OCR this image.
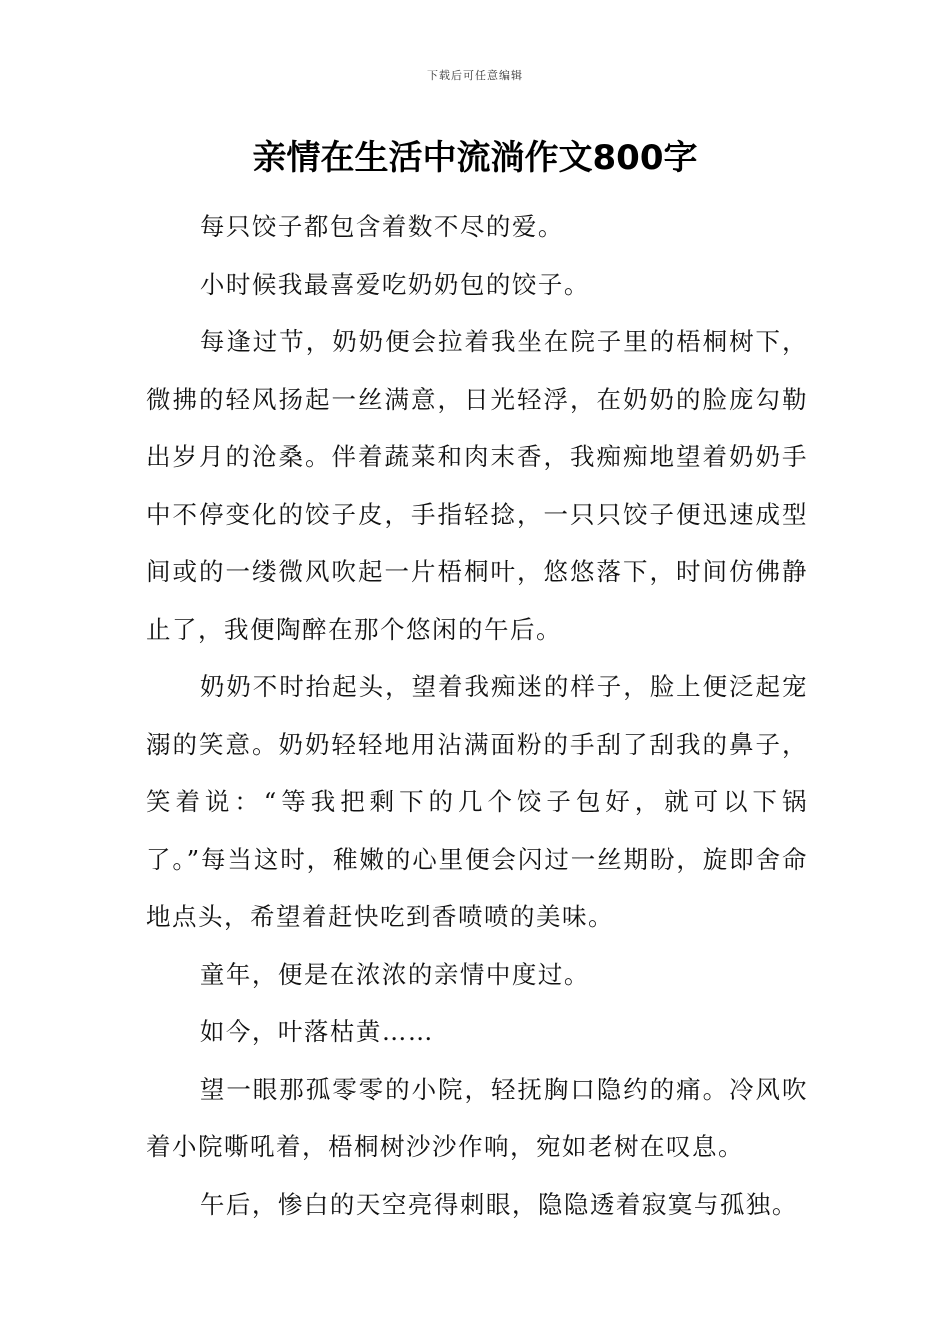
下载后可任意编辑
亲情在生活中流淌作文800字

每只饺子都包含着数不尽的爱。

小时候我最喜爱吃奶奶包的饺子。

每逢过节，奶奶便会拉着我坐在院子里的梧桐树下，微拂的轻风扬起一丝满意，日光轻浮，在奶奶的脸庞勾勒出岁月的沧桑。伴着蔬菜和肉末香，我痴痴地望着奶奶手中不停变化的饺子皮，手指轻捻，一只只饺子便迅速成型间或的一缕微风吹起一片梧桐叶，悠悠落下，时间仿佛静止了，我便陶醉在那个悠闲的午后。

奶奶不时抬起头，望着我痴迷的样子，脸上便泛起宠溺的笑意。奶奶轻轻地用沾满面粉的手刮了刮我的鼻子，笑着说：“等我把剩下的几个饺子包好，就可以下锅了。”每当这时，稚嫩的心里便会闪过一丝期盼，旋即舍命地点头，希望着赶快吃到香喷喷的美味。

童年，便是在浓浓的亲情中度过。

如今，叶落枯黄……

望一眼那孤零零的小院，轻抚胸口隐约的痛。冷风吹着小院嘶吼着，梧桐树沙沙作响，宛如老树在叹息。

午后，惨白的天空亮得刺眼，隐隐透着寂寞与孤独。
